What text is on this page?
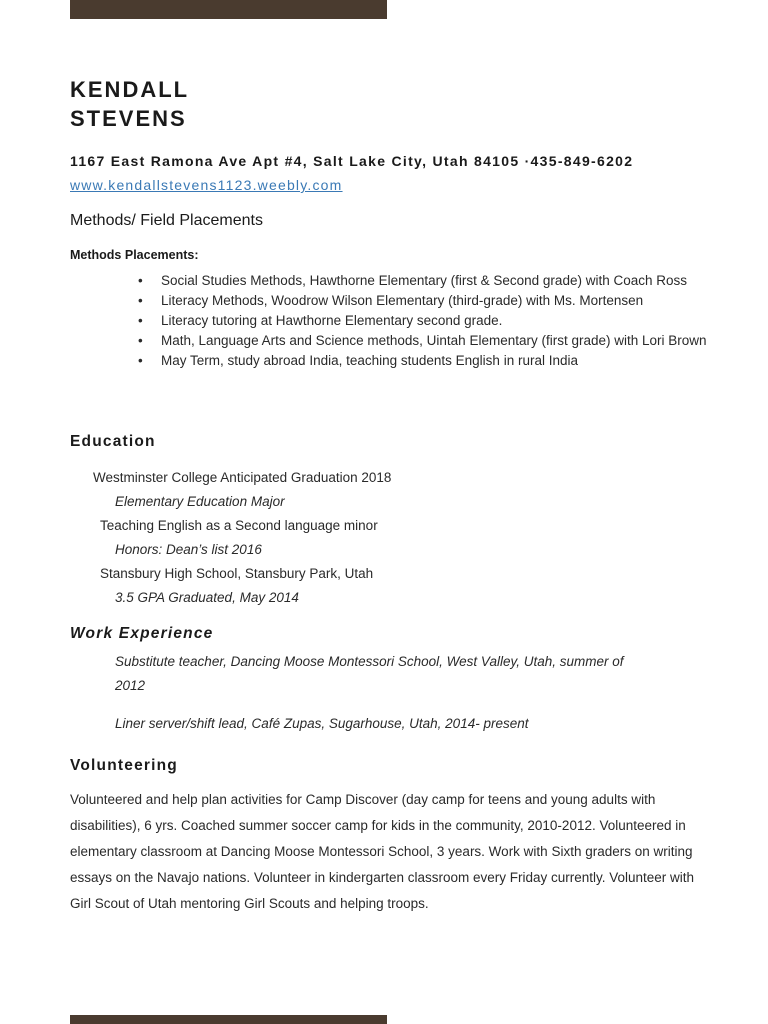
KENDALL
STEVENS
1167 East Ramona Ave Apt #4, Salt Lake City, Utah 84105 ·435-849-6202
www.kendallstevens1123.weebly.com
Methods/ Field Placements
Methods Placements:
• Social Studies Methods, Hawthorne Elementary (first & Second grade) with Coach Ross
• Literacy Methods, Woodrow Wilson Elementary (third-grade) with Ms. Mortensen
• Literacy tutoring at Hawthorne Elementary second grade.
• Math, Language Arts and Science methods, Uintah Elementary (first grade) with Lori Brown
• May Term, study abroad India, teaching students English in rural India
Education
Westminster College Anticipated Graduation 2018
Elementary Education Major
Teaching English as a Second language minor
Honors: Dean’s list 2016
Stansbury High School, Stansbury Park, Utah
3.5 GPA Graduated, May 2014
Work Experience
Substitute teacher, Dancing Moose Montessori School, West Valley, Utah, summer of
2012
Liner server/shift lead, Café Zupas, Sugarhouse, Utah, 2014- present
Volunteering
Volunteered and help plan activities for Camp Discover (day camp for teens and young adults with disabilities), 6 yrs. Coached summer soccer camp for kids in the community, 2010-2012. Volunteered in elementary classroom at Dancing Moose Montessori School, 3 years. Work with Sixth graders on writing essays on the Navajo nations. Volunteer in kindergarten classroom every Friday currently. Volunteer with Girl Scout of Utah mentoring Girl Scouts and helping troops.
